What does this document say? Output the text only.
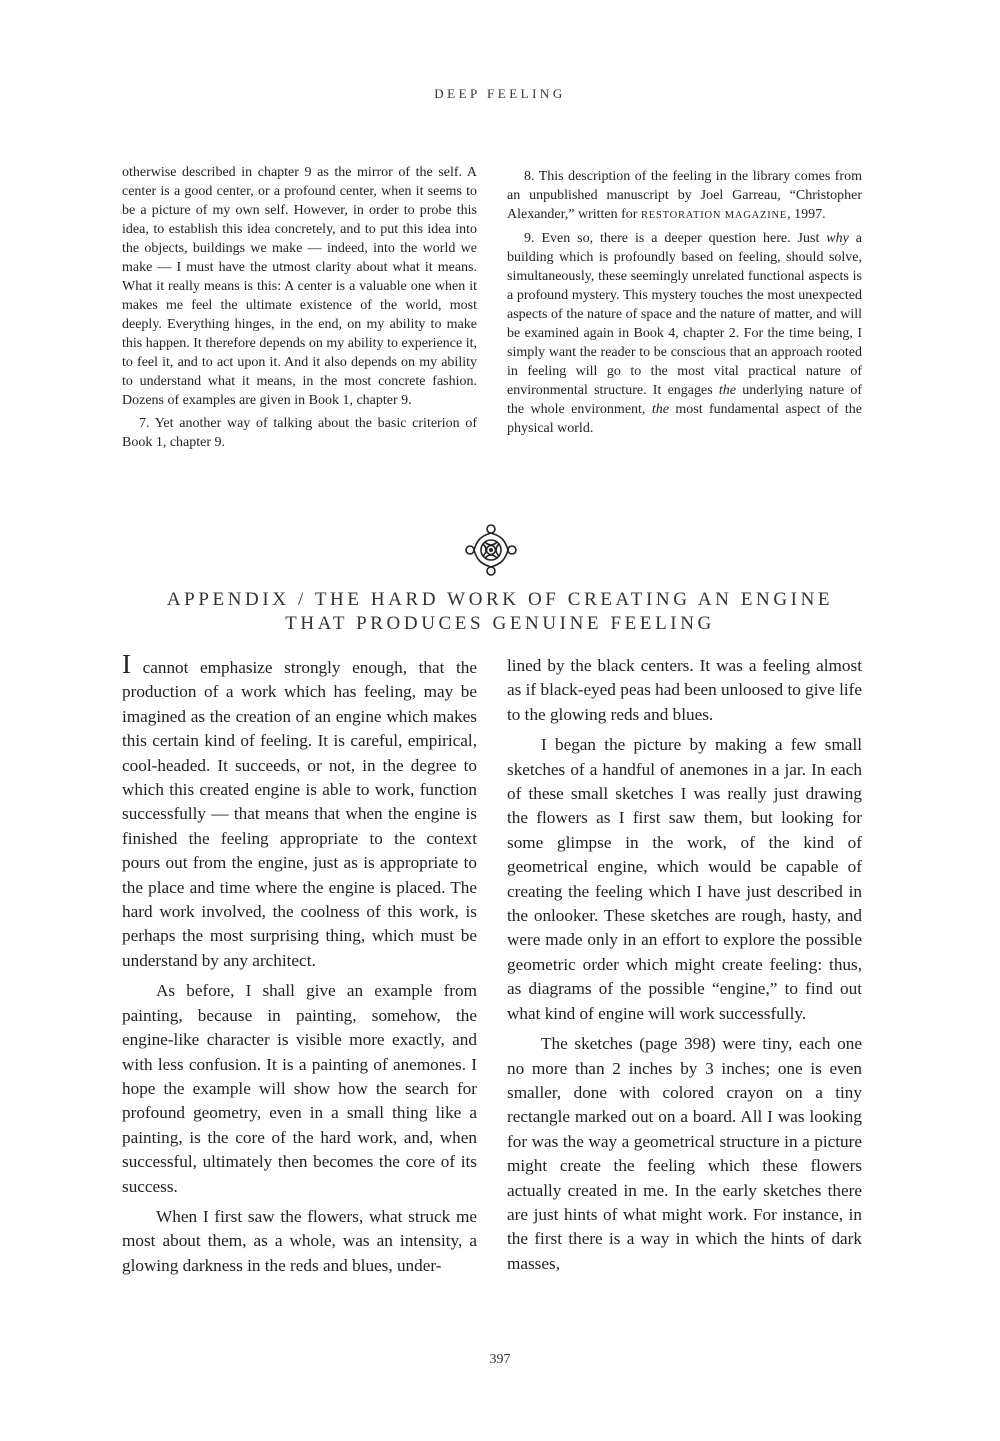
DEEP FEELING

otherwise described in chapter 9 as the mirror of the self. A center is a good center, or a profound center, when it seems to be a picture of my own self. However, in order to probe this idea, to establish this idea concretely, and to put this idea into the objects, buildings we make — indeed, into the world we make — I must have the utmost clarity about what it means. What it really means is this: A center is a valuable one when it makes me feel the ultimate existence of the world, most deeply. Everything hinges, in the end, on my ability to make this happen. It therefore depends on my ability to experience it, to feel it, and to act upon it. And it also depends on my ability to understand what it means, in the most concrete fashion. Dozens of examples are given in Book 1, chapter 9.

7. Yet another way of talking about the basic criterion of Book 1, chapter 9.

8. This description of the feeling in the library comes from an unpublished manuscript by Joel Garreau, “Christopher Alexander,” written for RESTORATION MAGAZINE, 1997.

9. Even so, there is a deeper question here. Just why a building which is profoundly based on feeling, should solve, simultaneously, these seemingly unrelated functional aspects is a profound mystery. This mystery touches the most unexpected aspects of the nature of space and the nature of matter, and will be examined again in Book 4, chapter 2. For the time being, I simply want the reader to be conscious that an approach rooted in feeling will go to the most vital practical nature of environmental structure. It engages the underlying nature of the whole environment, the most fundamental aspect of the physical world.

APPENDIX / THE HARD WORK OF CREATING AN ENGINE
THAT PRODUCES GENUINE FEELING

I cannot emphasize strongly enough, that the production of a work which has feeling, may be imagined as the creation of an engine which makes this certain kind of feeling. It is careful, empirical, cool-headed. It succeeds, or not, in the degree to which this created engine is able to work, function successfully — that means that when the engine is finished the feeling appropriate to the context pours out from the engine, just as is appropriate to the place and time where the engine is placed. The hard work involved, the coolness of this work, is perhaps the most surprising thing, which must be understand by any architect.

As before, I shall give an example from painting, because in painting, somehow, the engine-like character is visible more exactly, and with less confusion. It is a painting of anemones. I hope the example will show how the search for profound geometry, even in a small thing like a painting, is the core of the hard work, and, when successful, ultimately then becomes the core of its success.

When I first saw the flowers, what struck me most about them, as a whole, was an intensity, a glowing darkness in the reds and blues, under-

lined by the black centers. It was a feeling almost as if black-eyed peas had been unloosed to give life to the glowing reds and blues.

I began the picture by making a few small sketches of a handful of anemones in a jar. In each of these small sketches I was really just drawing the flowers as I first saw them, but looking for some glimpse in the work, of the kind of geometrical engine, which would be capable of creating the feeling which I have just described in the onlooker. These sketches are rough, hasty, and were made only in an effort to explore the possible geometric order which might create feeling: thus, as diagrams of the possible “engine,” to find out what kind of engine will work successfully.

The sketches (page 398) were tiny, each one no more than 2 inches by 3 inches; one is even smaller, done with colored crayon on a tiny rectangle marked out on a board. All I was looking for was the way a geometrical structure in a picture might create the feeling which these flowers actually created in me. In the early sketches there are just hints of what might work. For instance, in the first there is a way in which the hints of dark masses,

397
